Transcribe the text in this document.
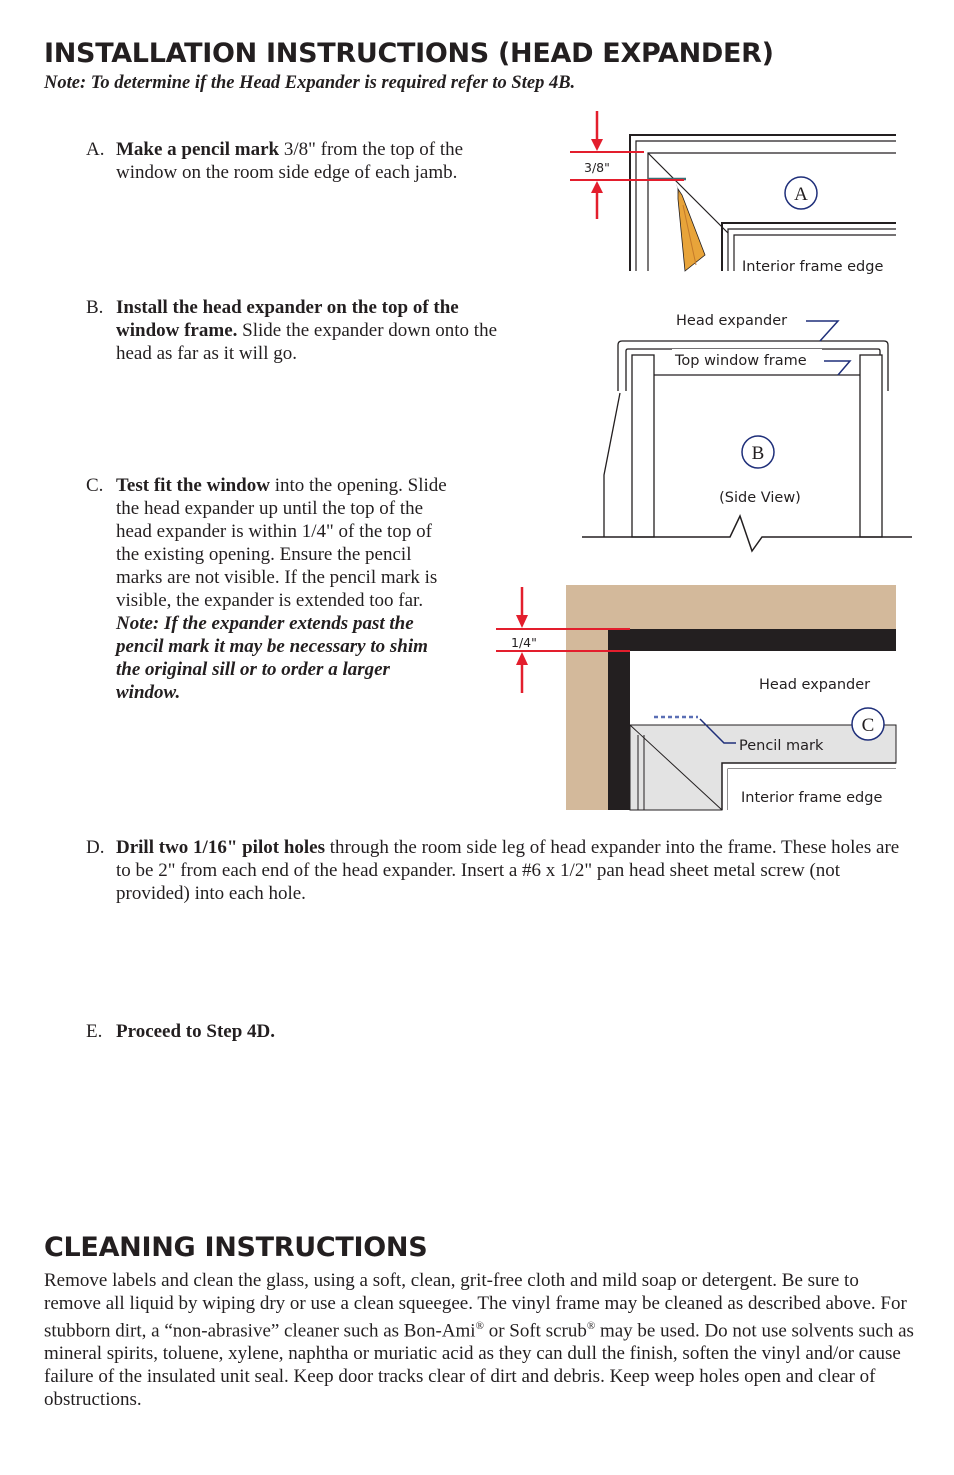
INSTALLATION INSTRUCTIONS (HEAD EXPANDER)
Note: To determine if the Head Expander is required refer to Step 4B.
A. Make a pencil mark 3/8" from the top of the window on the room side edge of each jamb.
B. Install the head expander on the top of the window frame. Slide the expander down onto the head as far as it will go.
C. Test fit the window into the opening. Slide the head expander up until the top of the head expander is within 1/4" of the top of the existing opening. Ensure the pencil marks are not visible. If the pencil mark is visible, the expander is extended too far.
Note: If the expander extends past the pencil mark it may be necessary to shim the original sill or to order a larger window.
D. Drill two 1/16" pilot holes through the room side leg of head expander into the frame. These holes are to be 2" from each end of the head expander. Insert a #6 x 1/2" pan head sheet metal screw (not provided) into each hole.
E. Proceed to Step 4D.
3/8"
A
Interior frame edge
Head expander
Top window frame
B
(Side View)
1/4"
Head expander
C
Pencil mark
Interior frame edge
CLEANING INSTRUCTIONS
Remove labels and clean the glass, using a soft, clean, grit-free cloth and mild soap or detergent. Be sure to remove all liquid by wiping dry or use a clean squeegee. The vinyl frame may be cleaned as described above. For stubborn dirt, a “non-abrasive” cleaner such as Bon-Ami® or Soft scrub® may be used. Do not use solvents such as mineral spirits, toluene, xylene, naphtha or muriatic acid as they can dull the finish, soften the vinyl and/or cause failure of the insulated unit seal. Keep door tracks clear of dirt and debris. Keep weep holes open and clear of obstructions.
